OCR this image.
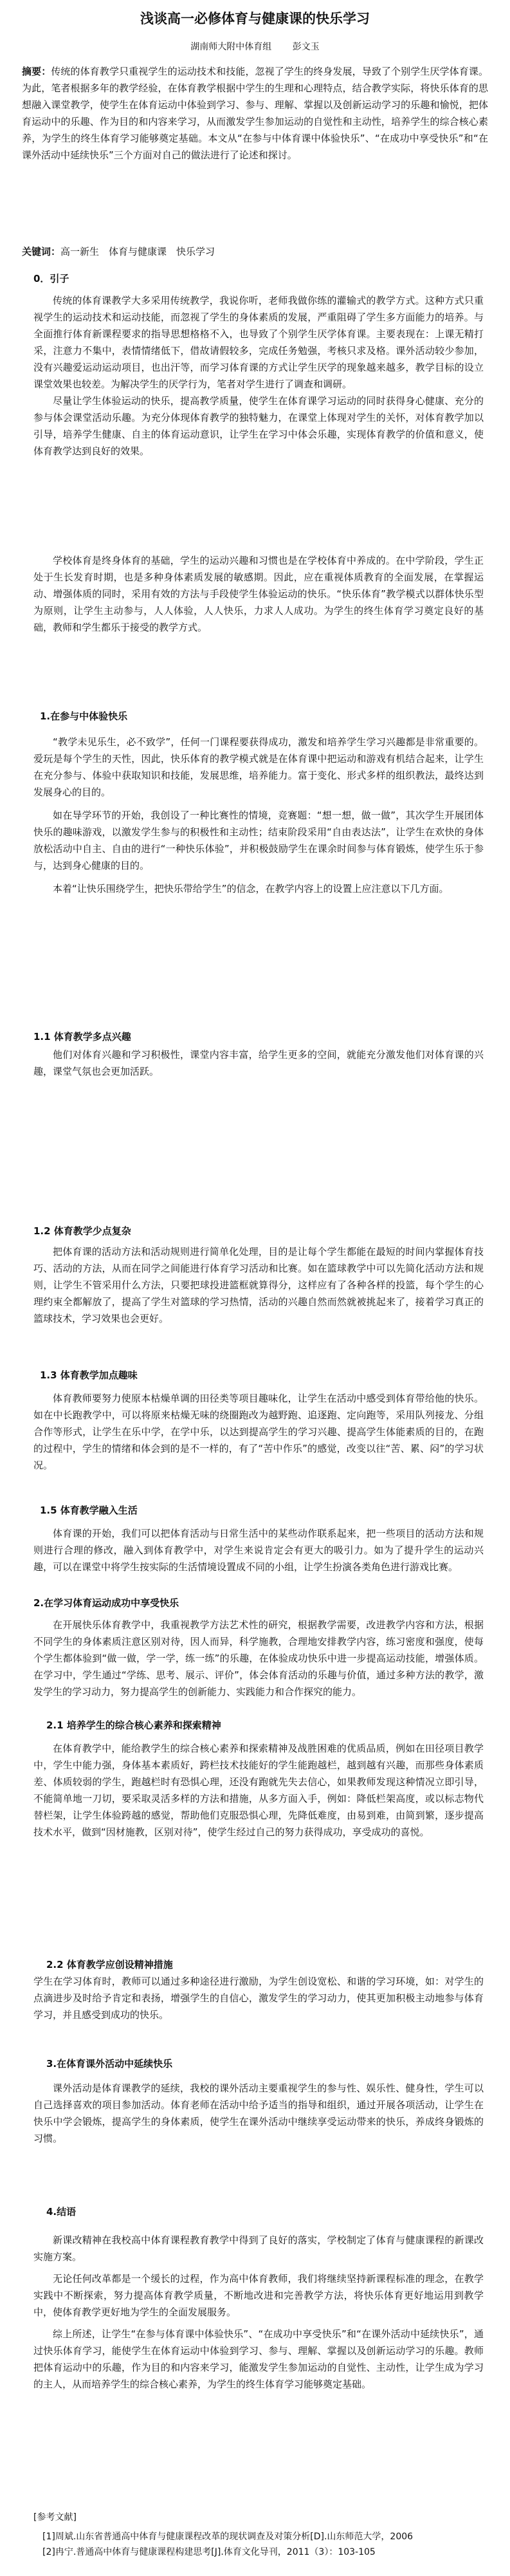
浅谈高一必修体育与健康课的快乐学习
湖南师大附中体育组 彭文玉

摘要：传统的体育教学只重视学生的运动技术和技能，忽视了学生的终身发展，导致了个别学生厌学体育课。为此，笔者根据多年的教学经验，在体育教学根据中学生的生理和心理特点，结合教学实际，将快乐体育的思想融入课堂教学，使学生在体育运动中体验到学习、参与、理解、掌握以及创新运动学习的乐趣和愉悦，把体育运动中的乐趣、作为目的和内容来学习，从而激发学生参加运动的自觉性和主动性，培养学生的综合核心素养，为学生的终生体育学习能够奠定基础。本文从“在参与中体育课中体验快乐”、“在成功中享受快乐”和“在课外活动中延续快乐”三个方面对自己的做法进行了论述和探讨。

关键词：高一新生　体育与健康课　快乐学习

0．引子

传统的体育课教学大多采用传统教学，我说你听，老师我做你练的灌输式的教学方式。这种方式只重视学生的运动技术和运动技能，而忽视了学生的身体素质的发展，严重阻碍了学生多方面能力的培养。与全面推行体育新课程要求的指导思想格格不入，也导致了个别学生厌学体育课。主要表现在：上课无精打采，注意力不集中，表情情绪低下，借故请假较多，完成任务勉强，考核只求及格。课外活动较少参加，没有兴趣爱运动运动项目，也出汗等，而学习体育课的方式让学生厌学的现象越来越多，教学目标的设立课堂效果也较差。为解决学生的厌学行为，笔者对学生进行了调查和调研。

尽量让学生体验运动的快乐，提高教学质量，使学生在体育课学习运动的同时获得身心健康、充分的参与体会课堂活动乐趣。为充分体现体育教学的独特魅力，在课堂上体现对学生的关怀，对体育教学加以引导，培养学生健康、自主的体育运动意识，让学生在学习中体会乐趣，实现体育教学的价值和意义，使体育教学达到良好的效果。

学校体育是终身体育的基础，学生的运动兴趣和习惯也是在学校体育中养成的。在中学阶段，学生正处于生长发育时期，也是多种身体素质发展的敏感期。因此，应在重视体质教育的全面发展，在掌握运动、增强体质的同时，采用有效的方法与手段使学生体验运动的快乐。“快乐体育”教学模式以群体快乐型为原则，让学生主动参与，人人体验，人人快乐，力求人人成功。为学生的终生体育学习奠定良好的基础，教师和学生都乐于接受的教学方式。

1.在参与中体验快乐

“教学未见乐生，必不致学”，任何一门课程要获得成功，激发和培养学生学习兴趣都是非常重要的。爱玩是每个学生的天性，因此，快乐体育的教学模式就是在体育课中把运动和游戏有机结合起来，让学生在充分参与、体验中获取知识和技能，发展思维，培养能力。富于变化、形式多样的组织教法，最终达到发展身心的目的。

如在导学环节的开始，我创设了一种比赛性的情境，竞赛题：“想一想，做一做”，其次学生开展团体快乐的趣味游戏，以激发学生参与的积极性和主动性；结束阶段采用“自由表达法”，让学生在欢快的身体放松活动中自主、自由的进行“一种快乐体验”，并积极鼓励学生在课余时间参与体育锻炼，使学生乐于参与，达到身心健康的目的。

本着“让快乐围绕学生，把快乐带给学生”的信念，在教学内容上的设置上应注意以下几方面。

1.1 体育教学多点兴趣

他们对体育兴趣和学习积极性，课堂内容丰富，给学生更多的空间，就能充分激发他们对体育课的兴趣，课堂气氛也会更加活跃。

1.2 体育教学少点复杂

把体育课的活动方法和活动规则进行简单化处理，目的是让每个学生都能在最短的时间内掌握体育技巧、活动的方法，从而在同学之间能进行体育学习活动和比赛。如在篮球教学中可以先简化活动方法和规则，让学生不管采用什么方法，只要把球投进篮框就算得分，这样应有了各种各样的投篮，每个学生的心理约束全都解放了，提高了学生对篮球的学习热情，活动的兴趣自然而然就被挑起来了，接着学习真正的篮球技术，学习效果也会更好。

1.3 体育教学加点趣味

体育教师要努力使原本枯燥单调的田径类等项目趣味化，让学生在活动中感受到体育带给他的快乐。如在中长跑教学中，可以将原来枯燥无味的绕圈跑改为越野跑、追逐跑、定向跑等，采用队列接龙、分组合作等形式，让学生在乐中学，在学中乐，以达到提高学生的学习兴趣、提高学生体能素质的目的，在跑的过程中，学生的情绪和体会到的是不一样的，有了“苦中作乐”的感觉，改变以往“苦、累、闷”的学习状况。

1.5 体育教学融入生活

体育课的开始，我们可以把体育活动与日常生活中的某些动作联系起来，把一些项目的活动方法和规则进行合理的修改，融入到体育教学中，对学生来说肯定会有更大的吸引力。如为了提升学生的运动兴趣，可以在课堂中将学生按实际的生活情境设置成不同的小组，让学生扮演各类角色进行游戏比赛。

2.在学习体育运动成功中享受快乐

在开展快乐体育教学中，我重视教学方法艺术性的研究，根据教学需要，改进教学内容和方法，根据不同学生的身体素质注意区别对待，因人而异，科学施教，合理地安排教学内容，练习密度和强度，使每个学生都体验到“做一做，学一学，练一练”的乐趣，在体验成功快乐中进一步提高运动技能，增强体质。在学习中，学生通过“学练、思考、展示、评价”，体会体育活动的乐趣与价值，通过多种方法的教学，激发学生的学习动力，努力提高学生的创新能力、实践能力和合作探究的能力。

2.1 培养学生的综合核心素养和探索精神

在体育教学中，能给教学生的综合核心素养和探索精神及战胜困难的优质品质，例如在田径项目教学中，学生中能力强，身体基本素质好，跨栏技术技能好的学生能跑越栏，越到越有兴趣，而那些身体素质差、体质较弱的学生，跑越栏时有恐惧心理，还没有跑就先失去信心，如果教师发现这种情况立即引导，不能简单地一刀切，要采取灵活多样的方法和措施，从多方面入手，例如：降低栏架高度，或以标志物代替栏架，让学生体验跨越的感觉，帮助他们克服恐惧心理，先降低难度，由易到难，由简到繁，逐步提高技术水平，做到“因材施教，区别对待”，使学生经过自己的努力获得成功，享受成功的喜悦。

2.2 体育教学应创设精神措施

学生在学习体育时，教师可以通过多种途径进行激励，为学生创设宽松、和谐的学习环境，如：对学生的点滴进步及时给予肯定和表扬，增强学生的自信心，激发学生的学习动力，使其更加积极主动地参与体育学习，并且感受到成功的快乐。

3.在体育课外活动中延续快乐

课外活动是体育课教学的延续，我校的课外活动主要重视学生的参与性、娱乐性、健身性，学生可以自己选择喜欢的项目参加活动。体育老师在活动中给予适当的指导和组织，通过开展各项活动，让学生在快乐中学会锻炼，提高学生的身体素质，使学生在课外活动中继续享受运动带来的快乐，养成终身锻炼的习惯。

4.结语

新课改精神在我校高中体育课程教育教学中得到了良好的落实，学校制定了体育与健康课程的新课改实施方案。

无论任何改革都是一个缓长的过程，作为高中体育教师，我们将继续坚持新课程标准的理念，在教学实践中不断探索，努力提高体育教学质量，不断地改进和完善教学方法，将快乐体育更好地运用到教学中，使体育教学更好地为学生的全面发展服务。

综上所述，让学生“在参与体育课中体验快乐”、“在成功中享受快乐”和“在课外活动中延续快乐”，通过快乐体育学习，能使学生在体育运动中体验到学习、参与、理解、掌握以及创新运动学习的乐趣。教师把体育运动中的乐趣，作为目的和内容来学习，能激发学生参加运动的自觉性、主动性，让学生成为学习的主人，从而培养学生的综合核心素养，为学生的终生体育学习能够奠定基础。

[参考文献]

[1]周斌.山东省普通高中体育与健康课程改革的现状调查及对策分析[D].山东师范大学，2006

[2]冉宁.普通高中体育与健康课程构建思考[J].体育文化导刊，2011（3）：103-105
